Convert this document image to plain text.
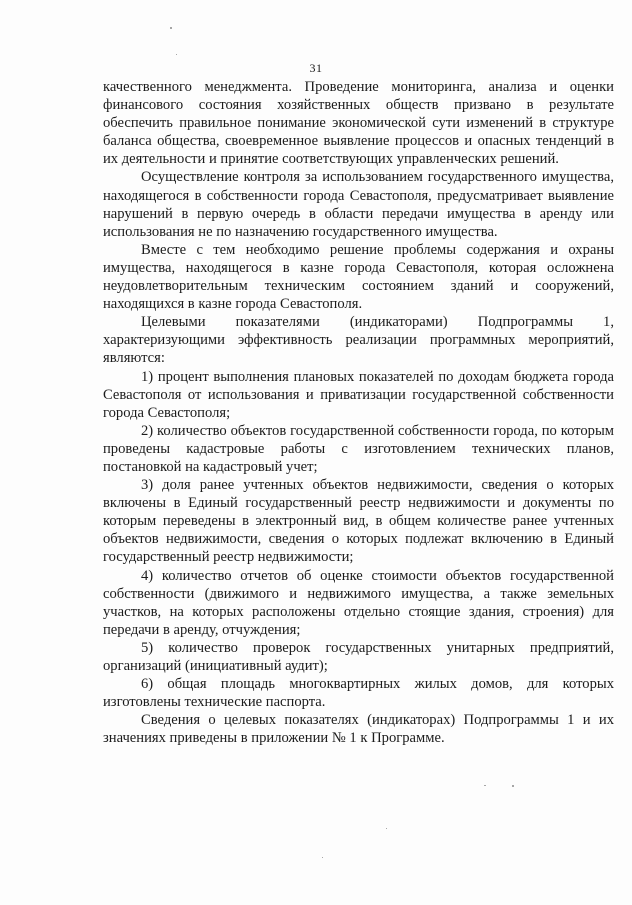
31

качественного менеджмента. Проведение мониторинга, анализа и оценки финансового состояния хозяйственных обществ призвано в результате обеспечить правильное понимание экономической сути изменений в структуре баланса общества, своевременное выявление процессов и опасных тенденций в их деятельности и принятие соответствующих управленческих решений.

Осуществление контроля за использованием государственного имущества, находящегося в собственности города Севастополя, предусматривает выявление нарушений в первую очередь в области передачи имущества в аренду или использования не по назначению государственного имущества.

Вместе с тем необходимо решение проблемы содержания и охраны имущества, находящегося в казне города Севастополя, которая осложнена неудовлетворительным техническим состоянием зданий и сооружений, находящихся в казне города Севастополя.

Целевыми показателями (индикаторами) Подпрограммы 1, характеризующими эффективность реализации программных мероприятий, являются:

1) процент выполнения плановых показателей по доходам бюджета города Севастополя от использования и приватизации государственной собственности города Севастополя;

2) количество объектов государственной собственности города, по которым проведены кадастровые работы с изготовлением технических планов, постановкой на кадастровый учет;

3) доля ранее учтенных объектов недвижимости, сведения о которых включены в Единый государственный реестр недвижимости и документы по которым переведены в электронный вид, в общем количестве ранее учтенных объектов недвижимости, сведения о которых подлежат включению в Единый государственный реестр недвижимости;

4) количество отчетов об оценке стоимости объектов государственной собственности (движимого и недвижимого имущества, а также земельных участков, на которых расположены отдельно стоящие здания, строения) для передачи в аренду, отчуждения;

5) количество проверок государственных унитарных предприятий, организаций (инициативный аудит);

6) общая площадь многоквартирных жилых домов, для которых изготовлены технические паспорта.

Сведения о целевых показателях (индикаторах) Подпрограммы 1 и их значениях приведены в приложении № 1 к Программе.
